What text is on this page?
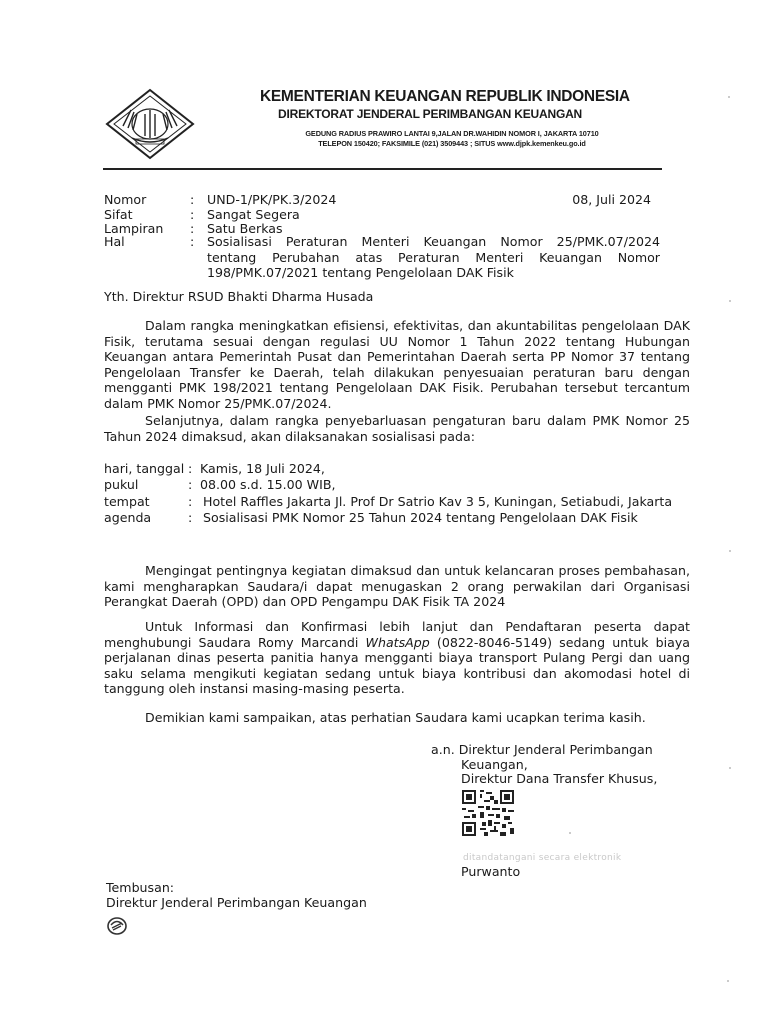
KEMENTERIAN KEUANGAN REPUBLIK INDONESIA
DIREKTORAT JENDERAL PERIMBANGAN KEUANGAN
GEDUNG RADIUS PRAWIRO LANTAI 9,JALAN DR.WAHIDIN NOMOR I, JAKARTA 10710
TELEPON 150420; FAKSIMILE (021) 3509443 ; SITUS www.djpk.kemenkeu.go.id
Nomor	: UND-1/PK/PK.3/2024	08, Juli 2024
Sifat	: Sangat Segera
Lampiran : Satu Berkas
Hal	: Sosialisasi Peraturan Menteri Keuangan Nomor 25/PMK.07/2024 tentang Perubahan atas Peraturan Menteri Keuangan Nomor 198/PMK.07/2021 tentang Pengelolaan DAK Fisik
Yth. Direktur RSUD Bhakti Dharma Husada
Dalam rangka meningkatkan efisiensi, efektivitas, dan akuntabilitas pengelolaan DAK Fisik, terutama sesuai dengan regulasi UU Nomor 1 Tahun 2022 tentang Hubungan Keuangan antara Pemerintah Pusat dan Pemerintahan Daerah serta PP Nomor 37 tentang Pengelolaan Transfer ke Daerah, telah dilakukan penyesuaian peraturan baru dengan mengganti PMK 198/2021 tentang Pengelolaan DAK Fisik. Perubahan tersebut tercantum dalam PMK Nomor 25/PMK.07/2024.
Selanjutnya, dalam rangka penyebarluasan pengaturan baru dalam PMK Nomor 25 Tahun 2024 dimaksud, akan dilaksanakan sosialisasi pada:
hari, tanggal : Kamis, 18 Juli 2024,
pukul	: 08.00 s.d. 15.00 WIB,
tempat	: Hotel Raffles Jakarta Jl. Prof Dr Satrio Kav 3 5, Kuningan, Setiabudi, Jakarta
agenda	: Sosialisasi PMK Nomor 25 Tahun 2024 tentang Pengelolaan DAK Fisik
Mengingat pentingnya kegiatan dimaksud dan untuk kelancaran proses pembahasan, kami mengharapkan Saudara/i dapat menugaskan 2 orang perwakilan dari Organisasi Perangkat Daerah (OPD) dan OPD Pengampu DAK Fisik TA 2024
Untuk Informasi dan Konfirmasi lebih lanjut dan Pendaftaran peserta dapat menghubungi Saudara Romy Marcandi WhatsApp (0822-8046-5149) sedang untuk biaya perjalanan dinas peserta panitia hanya mengganti biaya transport Pulang Pergi dan uang saku selama mengikuti kegiatan sedang untuk biaya kontribusi dan akomodasi hotel di tanggung oleh instansi masing-masing peserta.
Demikian kami sampaikan, atas perhatian Saudara kami ucapkan terima kasih.
a.n. Direktur Jenderal Perimbangan
Keuangan,
Direktur Dana Transfer Khusus,
ditandatangani secara elektronik
Purwanto
Tembusan:
Direktur Jenderal Perimbangan Keuangan
